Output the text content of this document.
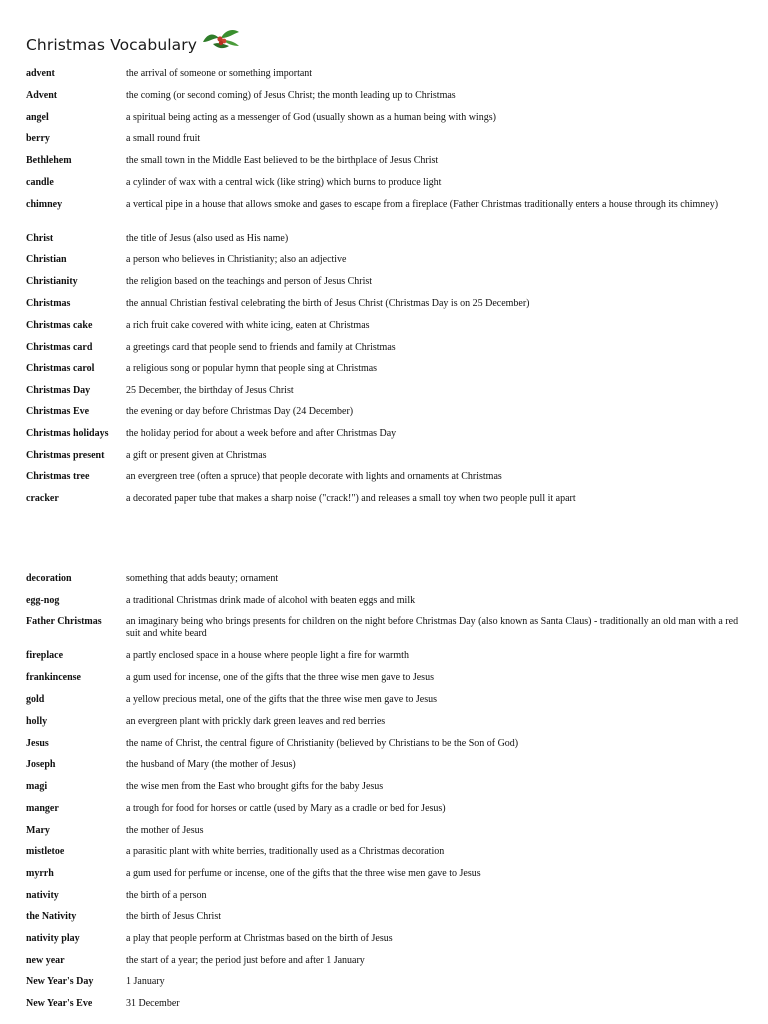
Christmas Vocabulary
advent	the arrival of someone or something important
Advent	the coming (or second coming) of Jesus Christ; the month leading up to Christmas
angel	a spiritual being acting as a messenger of God (usually shown as a human being with wings)
berry	a small round fruit
Bethlehem	the small town in the Middle East believed to be the birthplace of Jesus Christ
candle	a cylinder of wax with a central wick (like string) which burns to produce light
chimney	a vertical pipe in a house that allows smoke and gases to escape from a fireplace (Father Christmas traditionally enters a house through its chimney)
Christ	the title of Jesus (also used as His name)
Christian	a person who believes in Christianity; also an adjective
Christianity	the religion based on the teachings and person of Jesus Christ
Christmas	the annual Christian festival celebrating the birth of Jesus Christ (Christmas Day is on 25 December)
Christmas cake	a rich fruit cake covered with white icing, eaten at Christmas
Christmas card	a greetings card that people send to friends and family at Christmas
Christmas carol	a religious song or popular hymn that people sing at Christmas
Christmas Day	25 December, the birthday of Jesus Christ
Christmas Eve	the evening or day before Christmas Day (24 December)
Christmas holidays	the holiday period for about a week before and after Christmas Day
Christmas present	a gift or present given at Christmas
Christmas tree	an evergreen tree (often a spruce) that people decorate with lights and ornaments at Christmas
cracker	a decorated paper tube that makes a sharp noise ("crack!") and releases a small toy when two people pull it apart
decoration	something that adds beauty; ornament
egg-nog	a traditional Christmas drink made of alcohol with beaten eggs and milk
Father Christmas	an imaginary being who brings presents for children on the night before Christmas Day (also known as Santa Claus) - traditionally an old man with a red suit and white beard
fireplace	a partly enclosed space in a house where people light a fire for warmth
frankincense	a gum used for incense, one of the gifts that the three wise men gave to Jesus
gold	a yellow precious metal, one of the gifts that the three wise men gave to Jesus
holly	an evergreen plant with prickly dark green leaves and red berries
Jesus	the name of Christ, the central figure of Christianity (believed by Christians to be the Son of God)
Joseph	the husband of Mary (the mother of Jesus)
magi	the wise men from the East who brought gifts for the baby Jesus
manger	a trough for food for horses or cattle (used by Mary as a cradle or bed for Jesus)
Mary	the mother of Jesus
mistletoe	a parasitic plant with white berries, traditionally used as a Christmas decoration
myrrh	a gum used for perfume or incense, one of the gifts that the three wise men gave to Jesus
nativity	the birth of a person
the Nativity	the birth of Jesus Christ
nativity play	a play that people perform at Christmas based on the birth of Jesus
new year	the start of a year; the period just before and after 1 January
New Year's Day	1 January
New Year's Eve	31 December
